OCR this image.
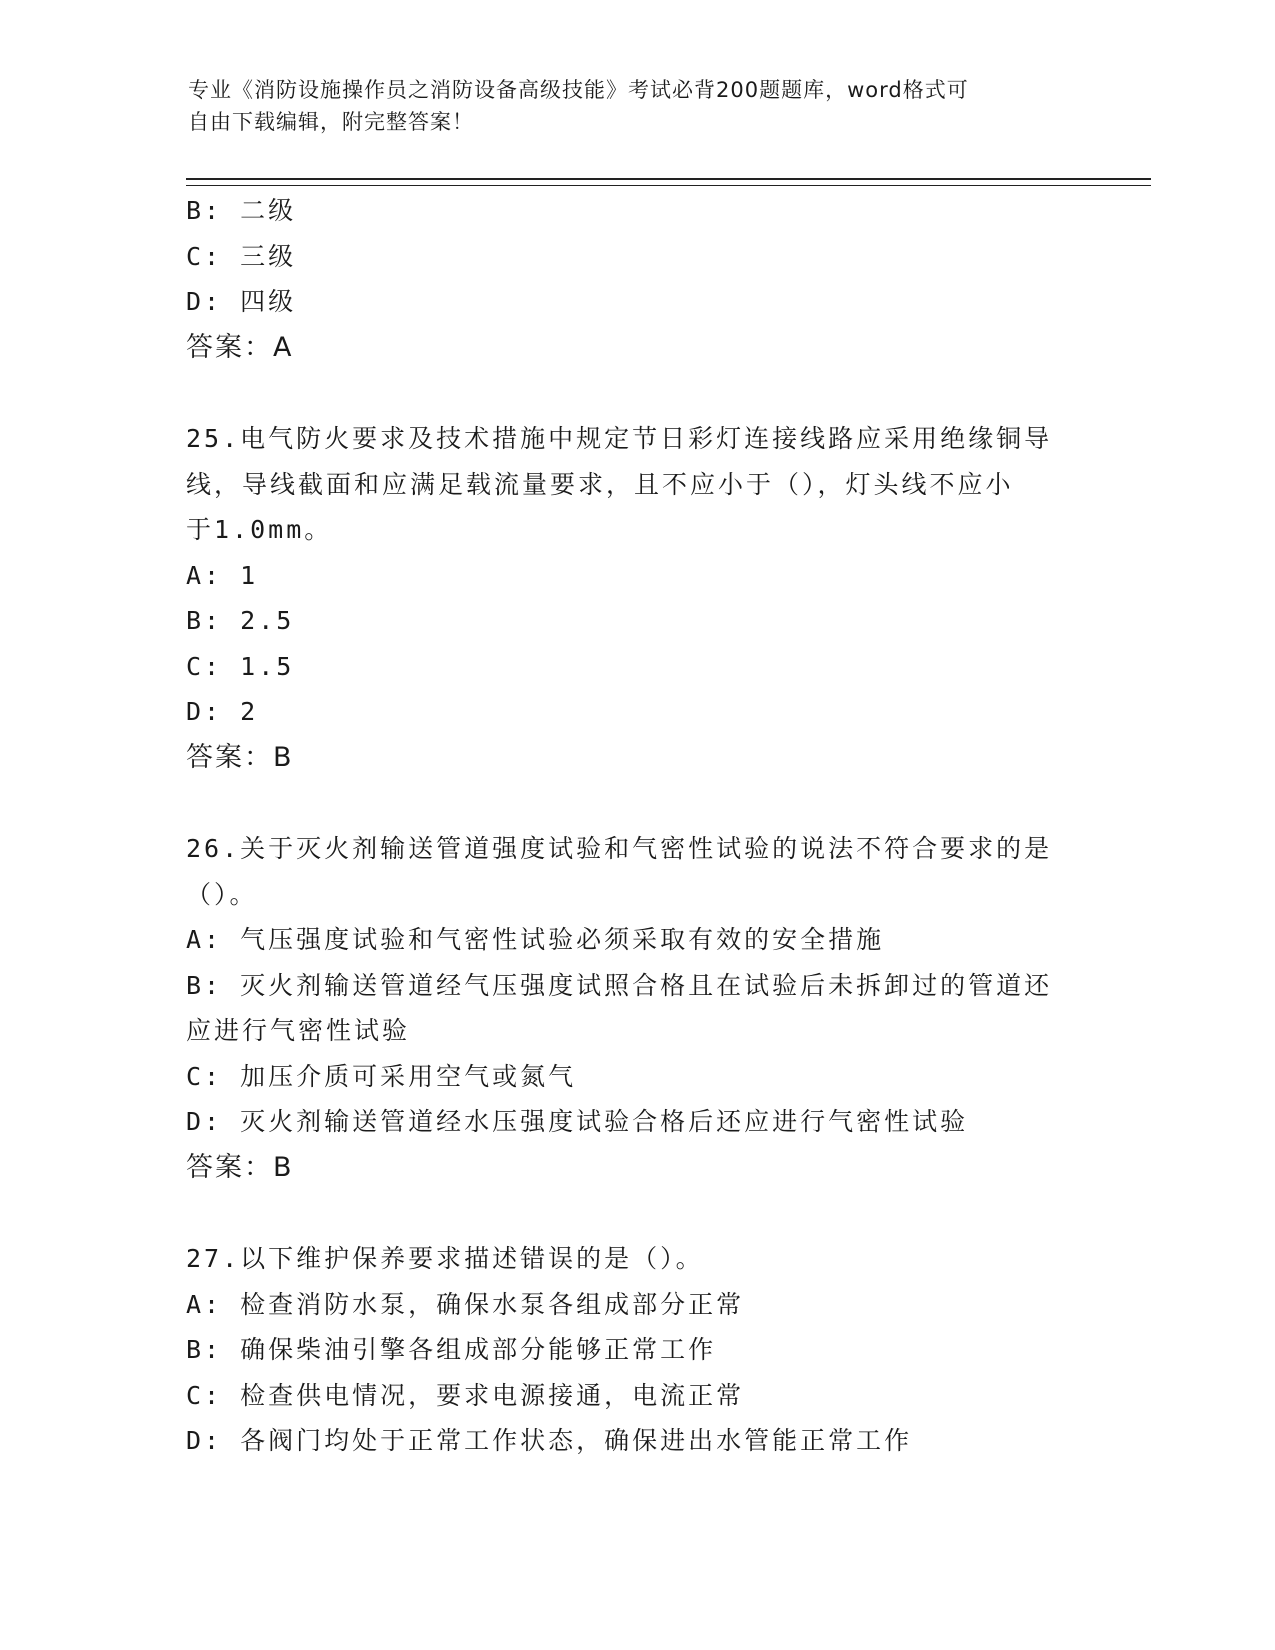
专业《消防设施操作员之消防设备高级技能》考试必背200题题库，word格式可
自由下载编辑，附完整答案！
B: 二级
C: 三级
D: 四级
答案：A
25.电气防火要求及技术措施中规定节日彩灯连接线路应采用绝缘铜导
线，导线截面和应满足载流量要求，且不应小于（），灯头线不应小
于1.0mm。
A: 1
B: 2.5
C: 1.5
D: 2
答案：B
26.关于灭火剂输送管道强度试验和气密性试验的说法不符合要求的是
（）。
A: 气压强度试验和气密性试验必须采取有效的安全措施
B: 灭火剂输送管道经气压强度试照合格且在试验后未拆卸过的管道还
应进行气密性试验
C: 加压介质可采用空气或氮气
D: 灭火剂输送管道经水压强度试验合格后还应进行气密性试验
答案：B
27.以下维护保养要求描述错误的是（）。
A: 检查消防水泵，确保水泵各组成部分正常
B: 确保柴油引擎各组成部分能够正常工作
C: 检查供电情况，要求电源接通，电流正常
D: 各阀门均处于正常工作状态，确保进出水管能正常工作
